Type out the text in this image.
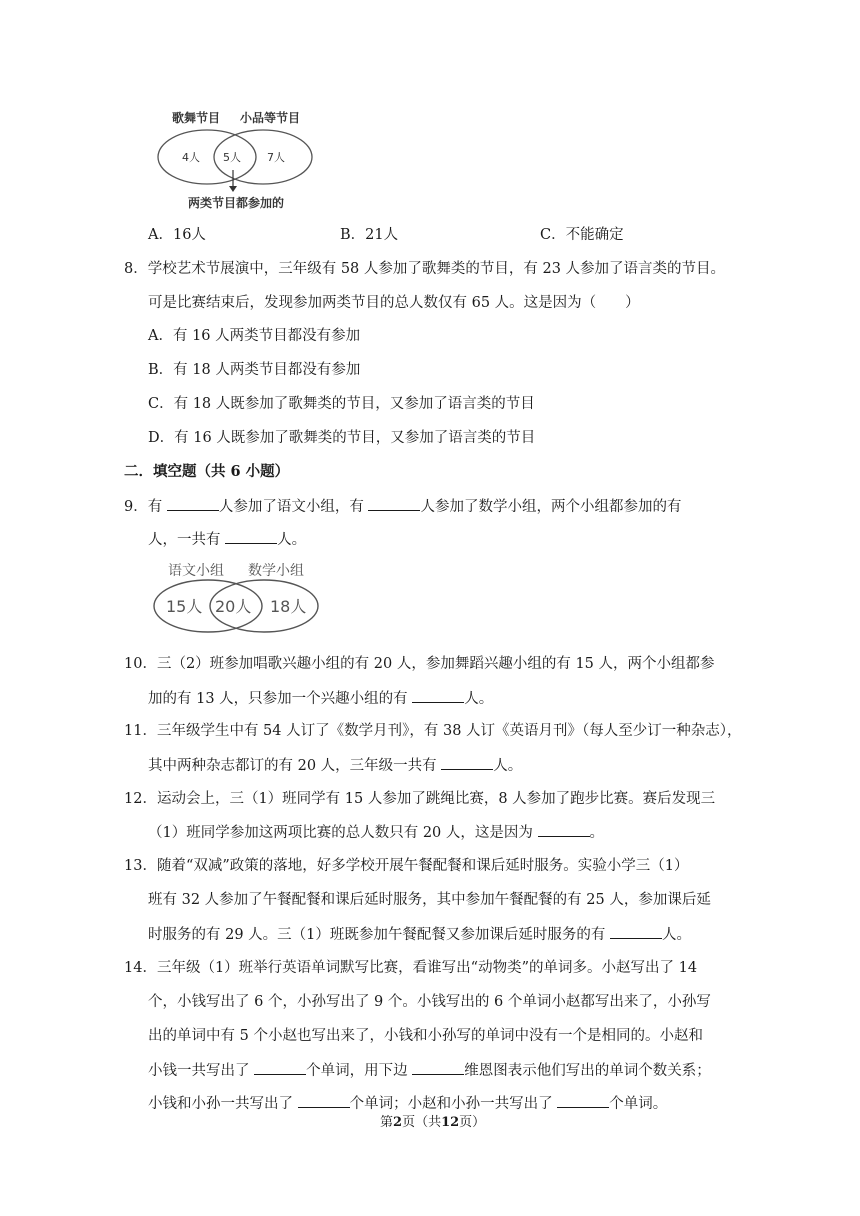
歌舞节目 小品等节目
4人 5人 7人
两类节目都参加的
A．16人	B．21人	C．不能确定
8．学校艺术节展演中，三年级有 58 人参加了歌舞类的节目，有 23 人参加了语言类的节目。
可是比赛结束后，发现参加两类节目的总人数仅有 65 人。这是因为（　　）
A．有 16 人两类节目都没有参加
B．有 18 人两类节目都没有参加
C．有 18 人既参加了歌舞类的节目，又参加了语言类的节目
D．有 16 人既参加了歌舞类的节目，又参加了语言类的节目
二．填空题（共 6 小题）
9．有	人参加了语文小组，有	人参加了数学小组，两个小组都参加的有
人，一共有	人。
语文小组 数学小组
15人 20人 18人
10．三（2）班参加唱歌兴趣小组的有 20 人，参加舞蹈兴趣小组的有 15 人，两个小组都参
加的有 13 人，只参加一个兴趣小组的有	人。
11．三年级学生中有 54 人订了《数学月刊》，有 38 人订《英语月刊》（每人至少订一种杂志），
其中两种杂志都订的有 20 人，三年级一共有	人。
12．运动会上，三（1）班同学有 15 人参加了跳绳比赛，8 人参加了跑步比赛。赛后发现三
（1）班同学参加这两项比赛的总人数只有 20 人，这是因为	。
13．随着“双减”政策的落地，好多学校开展午餐配餐和课后延时服务。实验小学三（1）
班有 32 人参加了午餐配餐和课后延时服务，其中参加午餐配餐的有 25 人，参加课后延
时服务的有 29 人。三（1）班既参加午餐配餐又参加课后延时服务的有	人。
14．三年级（1）班举行英语单词默写比赛，看谁写出“动物类”的单词多。小赵写出了 14
个，小钱写出了 6 个，小孙写出了 9 个。小钱写出的 6 个单词小赵都写出来了，小孙写
出的单词中有 5 个小赵也写出来了，小钱和小孙写的单词中没有一个是相同的。小赵和
小钱一共写出了	个单词，用下边	维恩图表示他们写出的单词个数关系；
小钱和小孙一共写出了	个单词；小赵和小孙一共写出了	个单词。
第2页（共12页）
